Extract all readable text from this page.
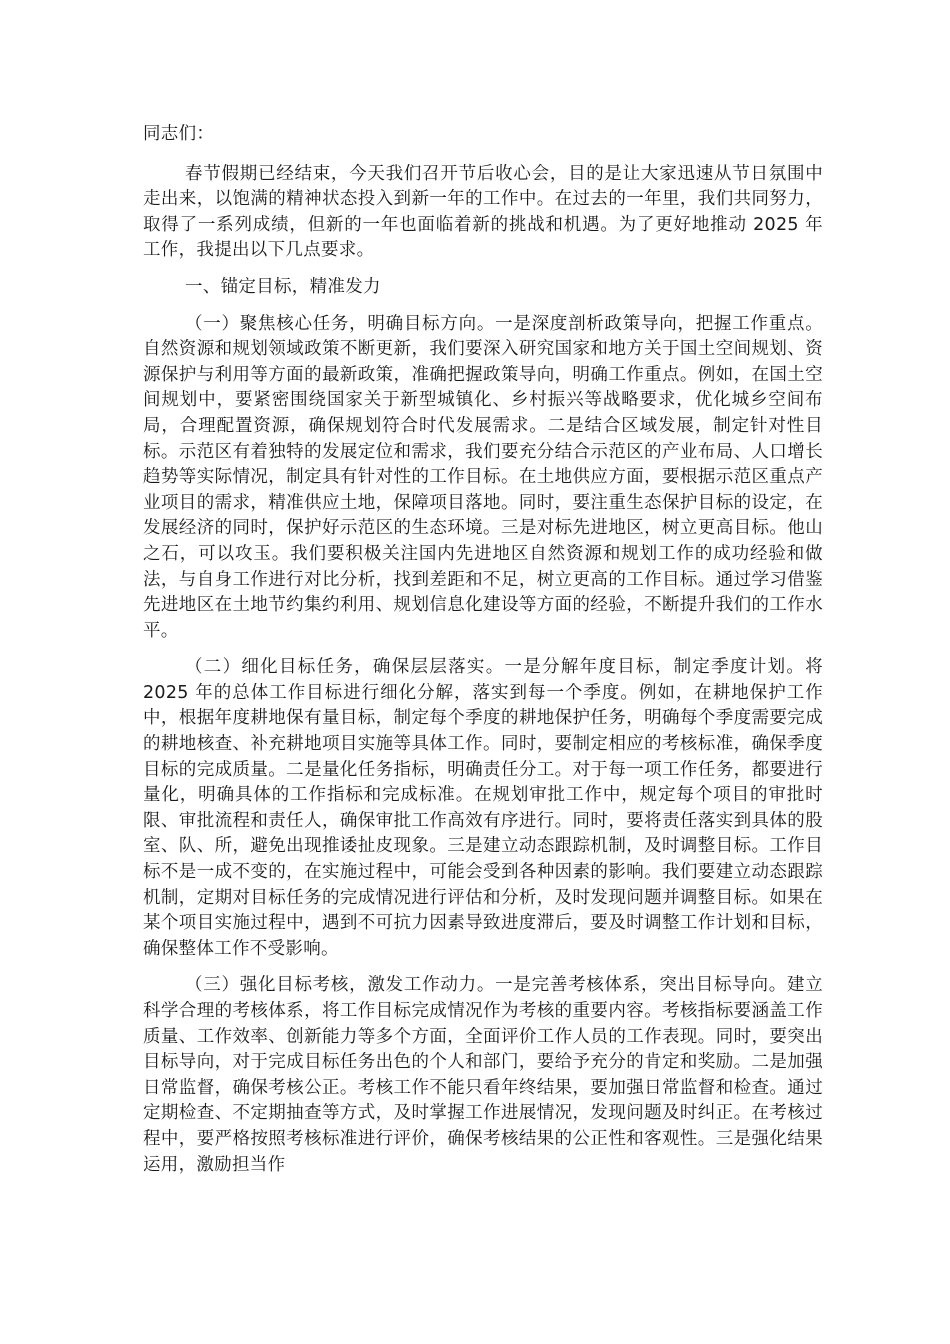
同志们：

春节假期已经结束，今天我们召开节后收心会，目的是让大家迅速从节日氛围中走出来，以饱满的精神状态投入到新一年的工作中。在过去的一年里，我们共同努力，取得了一系列成绩，但新的一年也面临着新的挑战和机遇。为了更好地推动 2025 年工作，我提出以下几点要求。

一、锚定目标，精准发力

（一）聚焦核心任务，明确目标方向。一是深度剖析政策导向，把握工作重点。自然资源和规划领域政策不断更新，我们要深入研究国家和地方关于国土空间规划、资源保护与利用等方面的最新政策，准确把握政策导向，明确工作重点。例如，在国土空间规划中，要紧密围绕国家关于新型城镇化、乡村振兴等战略要求，优化城乡空间布局，合理配置资源，确保规划符合时代发展需求。二是结合区域发展，制定针对性目标。示范区有着独特的发展定位和需求，我们要充分结合示范区的产业布局、人口增长趋势等实际情况，制定具有针对性的工作目标。在土地供应方面，要根据示范区重点产业项目的需求，精准供应土地，保障项目落地。同时，要注重生态保护目标的设定，在发展经济的同时，保护好示范区的生态环境。三是对标先进地区，树立更高目标。他山之石，可以攻玉。我们要积极关注国内先进地区自然资源和规划工作的成功经验和做法，与自身工作进行对比分析，找到差距和不足，树立更高的工作目标。通过学习借鉴先进地区在土地节约集约利用、规划信息化建设等方面的经验，不断提升我们的工作水平。

（二）细化目标任务，确保层层落实。一是分解年度目标，制定季度计划。将 2025 年的总体工作目标进行细化分解，落实到每一个季度。例如，在耕地保护工作中，根据年度耕地保有量目标，制定每个季度的耕地保护任务，明确每个季度需要完成的耕地核查、补充耕地项目实施等具体工作。同时，要制定相应的考核标准，确保季度目标的完成质量。二是量化任务指标，明确责任分工。对于每一项工作任务，都要进行量化，明确具体的工作指标和完成标准。在规划审批工作中，规定每个项目的审批时限、审批流程和责任人，确保审批工作高效有序进行。同时，要将责任落实到具体的股室、队、所，避免出现推诿扯皮现象。三是建立动态跟踪机制，及时调整目标。工作目标不是一成不变的，在实施过程中，可能会受到各种因素的影响。我们要建立动态跟踪机制，定期对目标任务的完成情况进行评估和分析，及时发现问题并调整目标。如果在某个项目实施过程中，遇到不可抗力因素导致进度滞后，要及时调整工作计划和目标，确保整体工作不受影响。

（三）强化目标考核，激发工作动力。一是完善考核体系，突出目标导向。建立科学合理的考核体系，将工作目标完成情况作为考核的重要内容。考核指标要涵盖工作质量、工作效率、创新能力等多个方面，全面评价工作人员的工作表现。同时，要突出目标导向，对于完成目标任务出色的个人和部门，要给予充分的肯定和奖励。二是加强日常监督，确保考核公正。考核工作不能只看年终结果，要加强日常监督和检查。通过定期检查、不定期抽查等方式，及时掌握工作进展情况，发现问题及时纠正。在考核过程中，要严格按照考核标准进行评价，确保考核结果的公正性和客观性。三是强化结果运用，激励担当作
